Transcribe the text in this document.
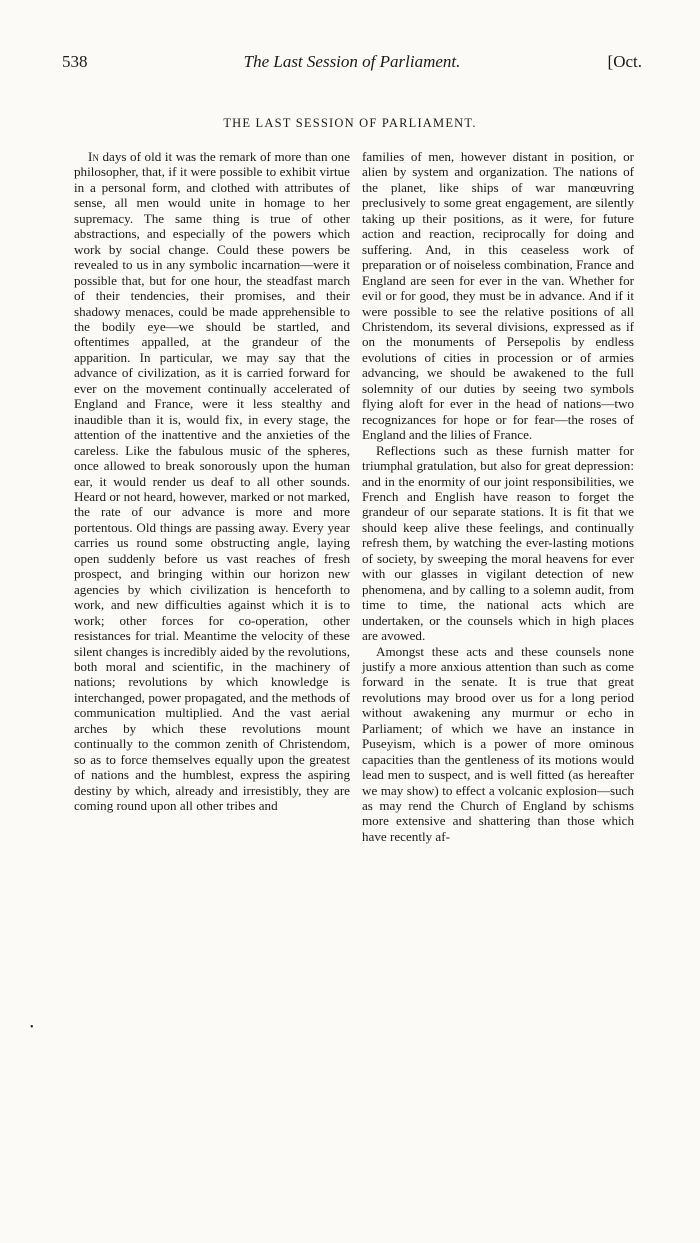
538	The Last Session of Parliament.	[Oct.
THE LAST SESSION OF PARLIAMENT.

In days of old it was the remark of more than one philosopher, that, if it were possible to exhibit virtue in a personal form, and clothed with attributes of sense, all men would unite in homage to her supremacy. The same thing is true of other abstractions, and especially of the powers which work by social change. Could these powers be revealed to us in any symbolic incarnation—were it possible that, but for one hour, the steadfast march of their tendencies, their promises, and their shadowy menaces, could be made apprehensible to the bodily eye—we should be startled, and oftentimes appalled, at the grandeur of the apparition. In particular, we may say that the advance of civilization, as it is carried forward for ever on the movement continually accelerated of England and France, were it less stealthy and inaudible than it is, would fix, in every stage, the attention of the inattentive and the anxieties of the careless. Like the fabulous music of the spheres, once allowed to break sonorously upon the human ear, it would render us deaf to all other sounds. Heard or not heard, however, marked or not marked, the rate of our advance is more and more portentous. Old things are passing away. Every year carries us round some obstructing angle, laying open suddenly before us vast reaches of fresh prospect, and bringing within our horizon new agencies by which civilization is henceforth to work, and new difficulties against which it is to work; other forces for co-operation, other resistances for trial. Meantime the velocity of these silent changes is incredibly aided by the revolutions, both moral and scientific, in the machinery of nations; revolutions by which knowledge is interchanged, power propagated, and the methods of communication multiplied. And the vast aerial arches by which these revolutions mount continually to the common zenith of Christendom, so as to force themselves equally upon the greatest of nations and the humblest, express the aspiring destiny by which, already and irresistibly, they are coming round upon all other tribes and

families of men, however distant in position, or alien by system and organization. The nations of the planet, like ships of war manœuvring preclusively to some great engagement, are silently taking up their positions, as it were, for future action and reaction, reciprocally for doing and suffering. And, in this ceaseless work of preparation or of noiseless combination, France and England are seen for ever in the van. Whether for evil or for good, they must be in advance. And if it were possible to see the relative positions of all Christendom, its several divisions, expressed as if on the monuments of Persepolis by endless evolutions of cities in procession or of armies advancing, we should be awakened to the full solemnity of our duties by seeing two symbols flying aloft for ever in the head of nations—two recognizances for hope or for fear—the roses of England and the lilies of France.

Reflections such as these furnish matter for triumphal gratulation, but also for great depression: and in the enormity of our joint responsibilities, we French and English have reason to forget the grandeur of our separate stations. It is fit that we should keep alive these feelings, and continually refresh them, by watching the ever-lasting motions of society, by sweeping the moral heavens for ever with our glasses in vigilant detection of new phenomena, and by calling to a solemn audit, from time to time, the national acts which are undertaken, or the counsels which in high places are avowed.

Amongst these acts and these counsels none justify a more anxious attention than such as come forward in the senate. It is true that great revolutions may brood over us for a long period without awakening any murmur or echo in Parliament; of which we have an instance in Puseyism, which is a power of more ominous capacities than the gentleness of its motions would lead men to suspect, and is well fitted (as hereafter we may show) to effect a volcanic explosion—such as may rend the Church of England by schisms more extensive and shattering than those which have recently af-

•
